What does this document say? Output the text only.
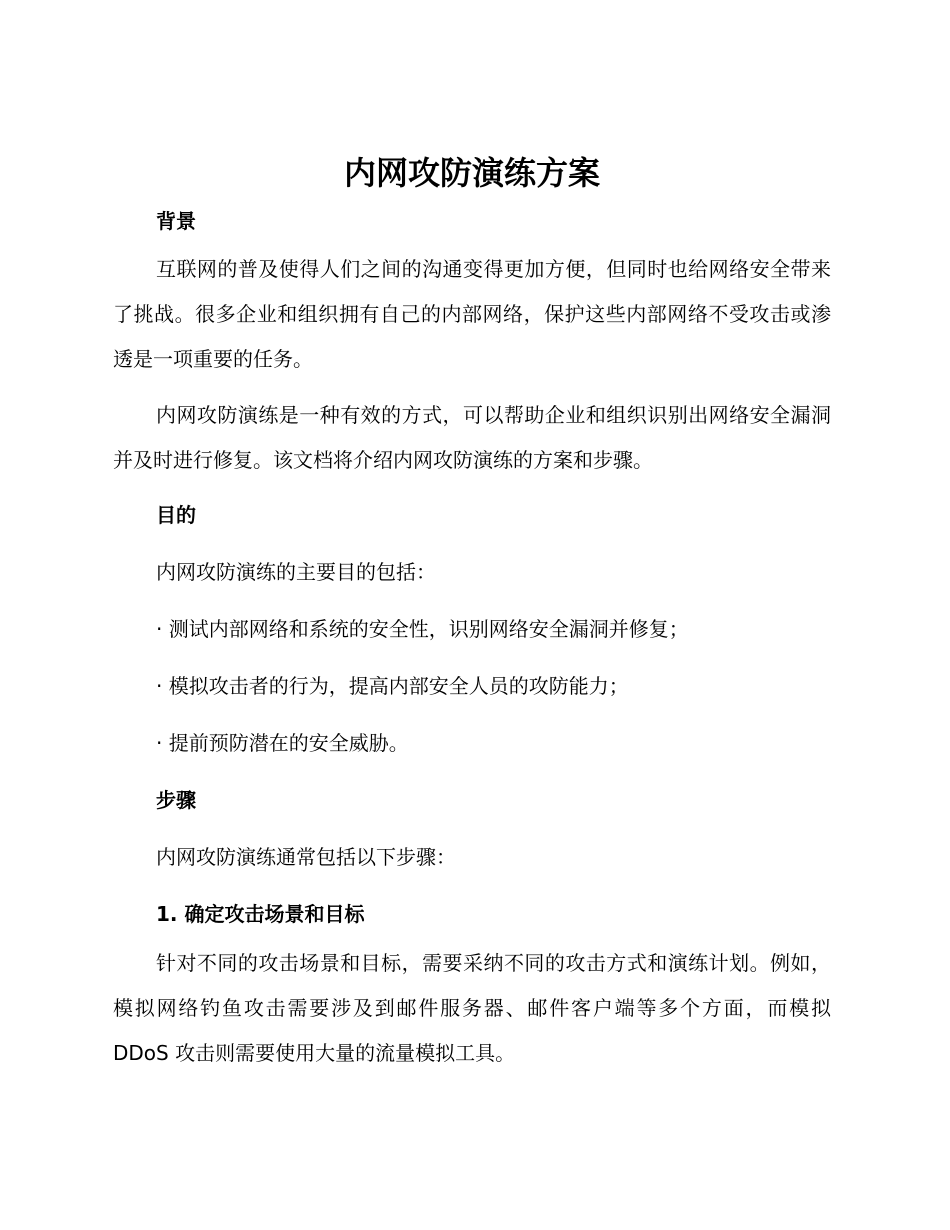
内网攻防演练方案
背景

互联网的普及使得人们之间的沟通变得更加方便，但同时也给网络安全带来了挑战。很多企业和组织拥有自己的内部网络，保护这些内部网络不受攻击或渗透是一项重要的任务。

内网攻防演练是一种有效的方式，可以帮助企业和组织识别出网络安全漏洞并及时进行修复。该文档将介绍内网攻防演练的方案和步骤。

目的

内网攻防演练的主要目的包括：

· 测试内部网络和系统的安全性，识别网络安全漏洞并修复；

· 模拟攻击者的行为，提高内部安全人员的攻防能力；

· 提前预防潜在的安全威胁。

步骤

内网攻防演练通常包括以下步骤：

1. 确定攻击场景和目标

针对不同的攻击场景和目标，需要采纳不同的攻击方式和演练计划。例如，模拟网络钓鱼攻击需要涉及到邮件服务器、邮件客户端等多个方面，而模拟 DDoS 攻击则需要使用大量的流量模拟工具。
